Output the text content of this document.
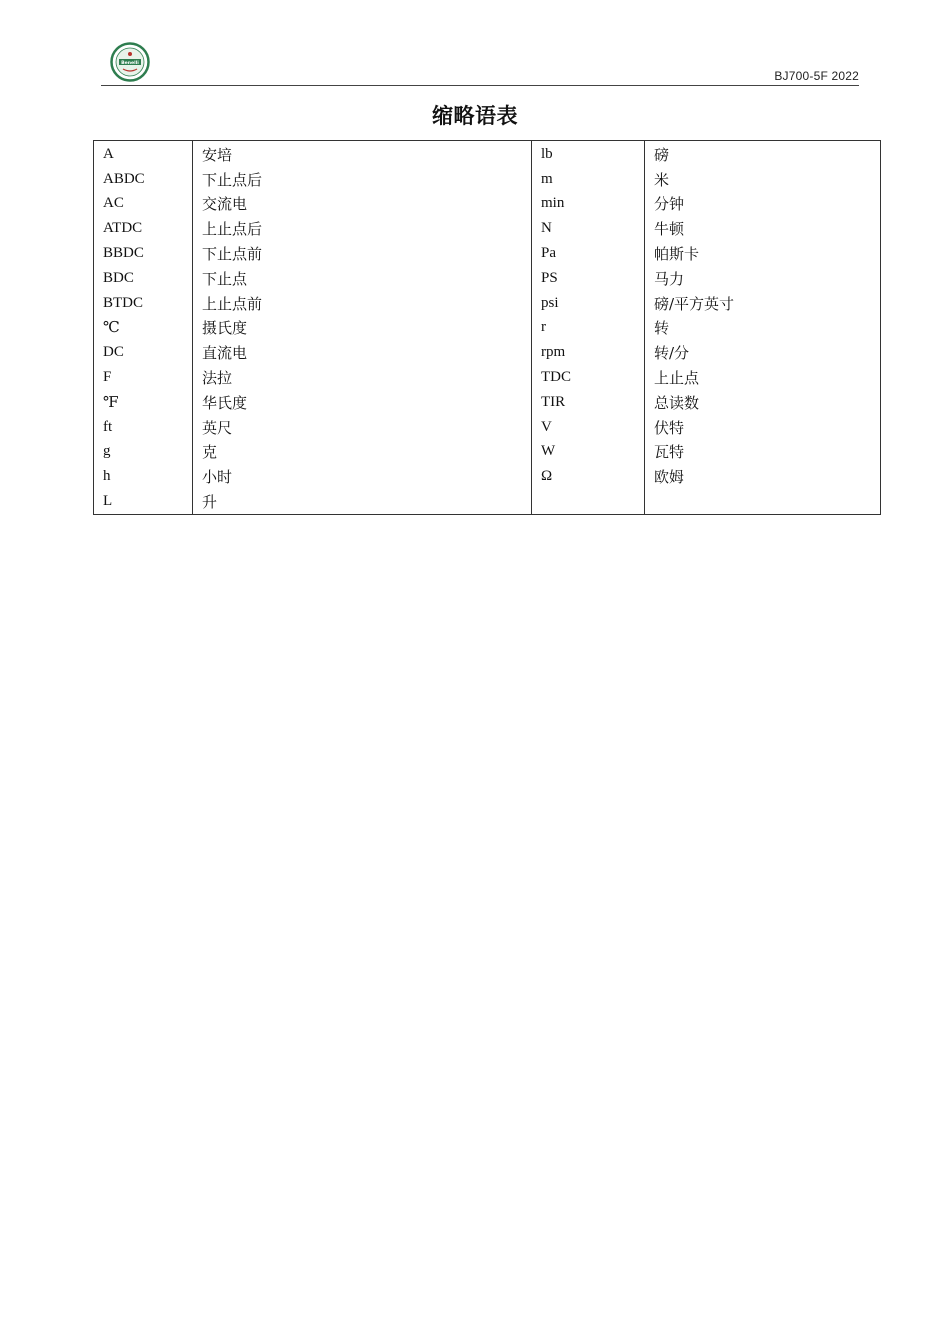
Benelli
BJ700-5F 2022
缩略语表
A	安培	lb	磅
ABDC	下止点后	m	米
AC	交流电	min	分钟
ATDC	上止点后	N	牛顿
BBDC	下止点前	Pa	帕斯卡
BDC	下止点	PS	马力
BTDC	上止点前	psi	磅/平方英寸
℃	摄氏度	r	转
DC	直流电	rpm	转/分
F	法拉	TDC	上止点
℉	华氏度	TIR	总读数
ft	英尺	V	伏特
g	克	W	瓦特
h	小时	Ω	欧姆
L	升		
